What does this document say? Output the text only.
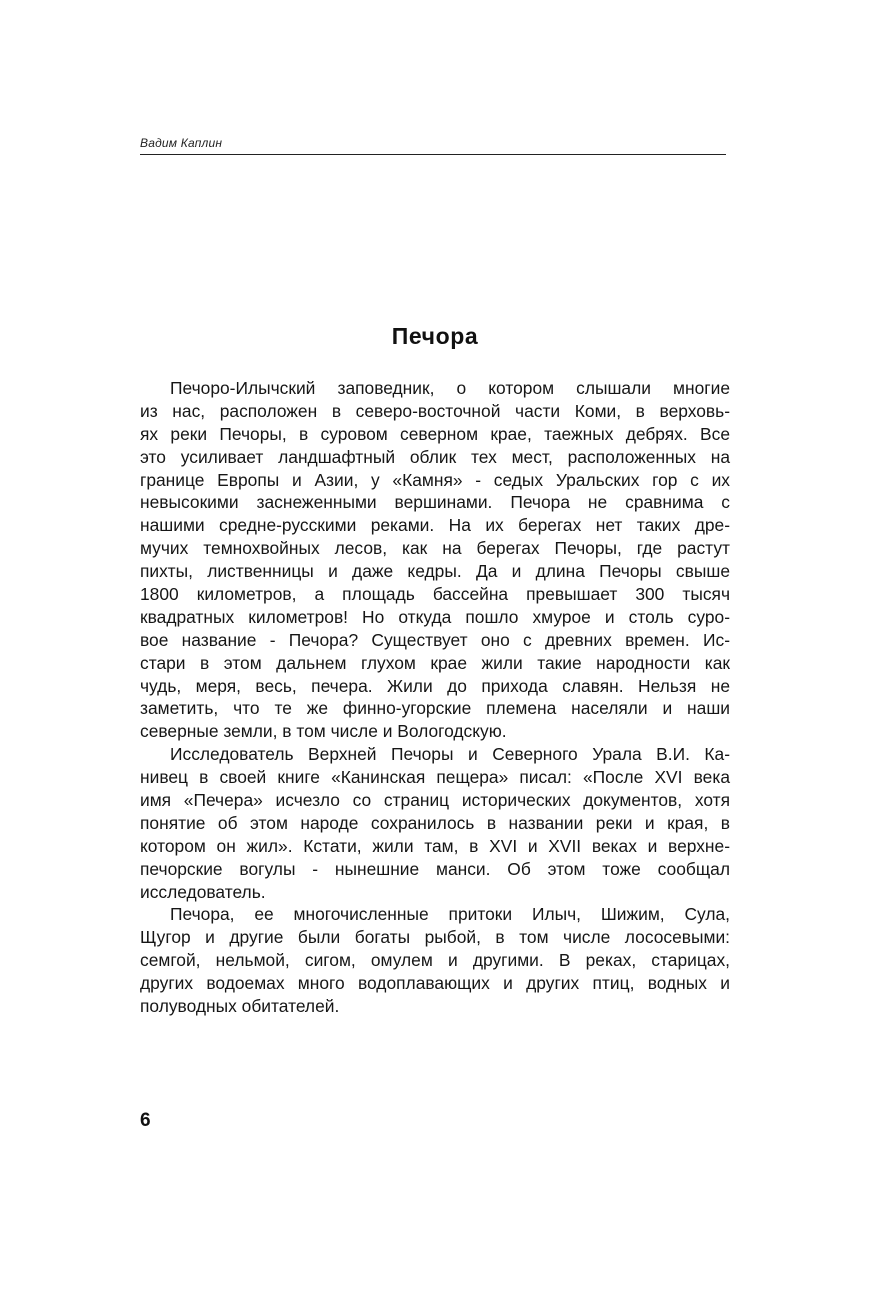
Вадим Каплин
Печора
Печоро-Илычский заповедник, о котором слышали многие
из нас, расположен в северо-восточной части Коми, в верховь-
ях реки Печоры, в суровом северном крае, таежных дебрях. Все
это усиливает ландшафтный облик тех мест, расположенных на
границе Европы и Азии, у «Камня» - седых Уральских гор с их
невысокими заснеженными вершинами. Печора не сравнима с
нашими средне-русскими реками. На их берегах нет таких дре-
мучих темнохвойных лесов, как на берегах Печоры, где растут
пихты, лиственницы и даже кедры. Да и длина Печоры свыше
1800 километров, а площадь бассейна превышает 300 тысяч
квадратных километров! Но откуда пошло хмурое и столь суро-
вое название - Печора? Существует оно с древних времен. Ис-
стари в этом дальнем глухом крае жили такие народности как
чудь, меря, весь, печера. Жили до прихода славян. Нельзя не
заметить, что те же финно-угорские племена населяли и наши
северные земли, в том числе и Вологодскую.
Исследователь Верхней Печоры и Северного Урала В.И. Ка-
нивец в своей книге «Канинская пещера» писал: «После XVI века
имя «Печера» исчезло со страниц исторических документов, хотя
понятие об этом народе сохранилось в названии реки и края, в
котором он жил». Кстати, жили там, в XVI и XVII веках и верхне-
печорские вогулы - нынешние манси. Об этом тоже сообщал
исследователь.
Печора, ее многочисленные притоки Илыч, Шижим, Сула,
Щугор и другие были богаты рыбой, в том числе лососевыми:
семгой, нельмой, сигом, омулем и другими. В реках, старицах,
других водоемах много водоплавающих и других птиц, водных и
полуводных обитателей.
6
